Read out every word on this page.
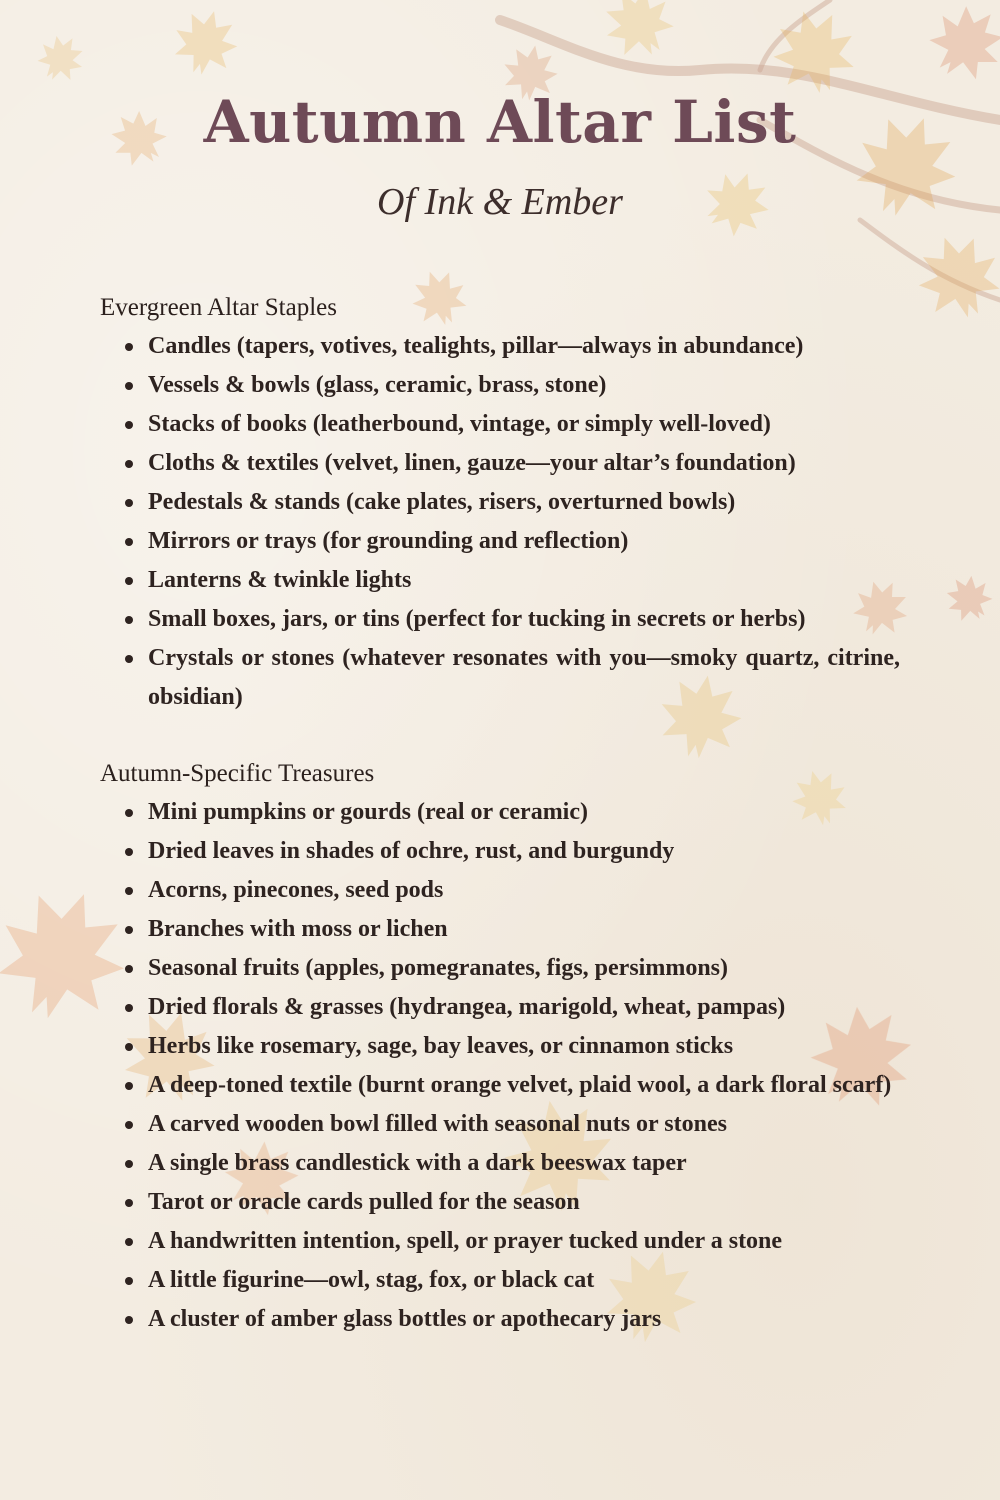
Autumn Altar List
Of Ink & Ember
Evergreen Altar Staples
Candles (tapers, votives, tealights, pillar—always in abundance)
Vessels & bowls (glass, ceramic, brass, stone)
Stacks of books (leatherbound, vintage, or simply well-loved)
Cloths & textiles (velvet, linen, gauze—your altar’s foundation)
Pedestals & stands (cake plates, risers, overturned bowls)
Mirrors or trays (for grounding and reflection)
Lanterns & twinkle lights
Small boxes, jars, or tins (perfect for tucking in secrets or herbs)
Crystals or stones (whatever resonates with you—smoky quartz, citrine, obsidian)
Autumn-Specific Treasures
Mini pumpkins or gourds (real or ceramic)
Dried leaves in shades of ochre, rust, and burgundy
Acorns, pinecones, seed pods
Branches with moss or lichen
Seasonal fruits (apples, pomegranates, figs, persimmons)
Dried florals & grasses (hydrangea, marigold, wheat, pampas)
Herbs like rosemary, sage, bay leaves, or cinnamon sticks
A deep-toned textile (burnt orange velvet, plaid wool, a dark floral scarf)
A carved wooden bowl filled with seasonal nuts or stones
A single brass candlestick with a dark beeswax taper
Tarot or oracle cards pulled for the season
A handwritten intention, spell, or prayer tucked under a stone
A little figurine—owl, stag, fox, or black cat
A cluster of amber glass bottles or apothecary jars
